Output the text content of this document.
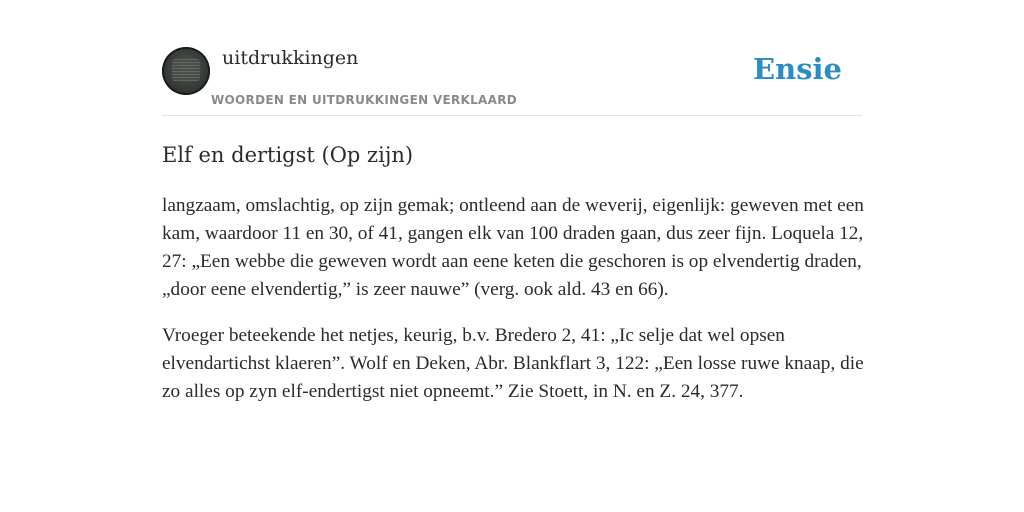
uitdrukkingen
WOORDEN EN UITDRUKKINGEN VERKLAARD
Ensie
Elf en dertigst (Op zijn)

langzaam, omslachtig, op zijn gemak; ontleend aan de weverij, eigenlijk: geweven met een kam, waardoor 11 en 30, of 41, gangen elk van 100 draden gaan, dus zeer fijn. Loquela 12, 27: „Een webbe die geweven wordt aan eene keten die geschoren is op elvendertig draden, „door eene elvendertig,” is zeer nauwe” (verg. ook ald. 43 en 66).

Vroeger beteekende het netjes, keurig, b.v. Bredero 2, 41: „Ic selje dat wel opsen elvendartichst klaeren”. Wolf en Deken, Abr. Blankflart 3, 122: „Een losse ruwe knaap, die zo alles op zyn elf-endertigst niet opneemt.” Zie Stoett, in N. en Z. 24, 377.
